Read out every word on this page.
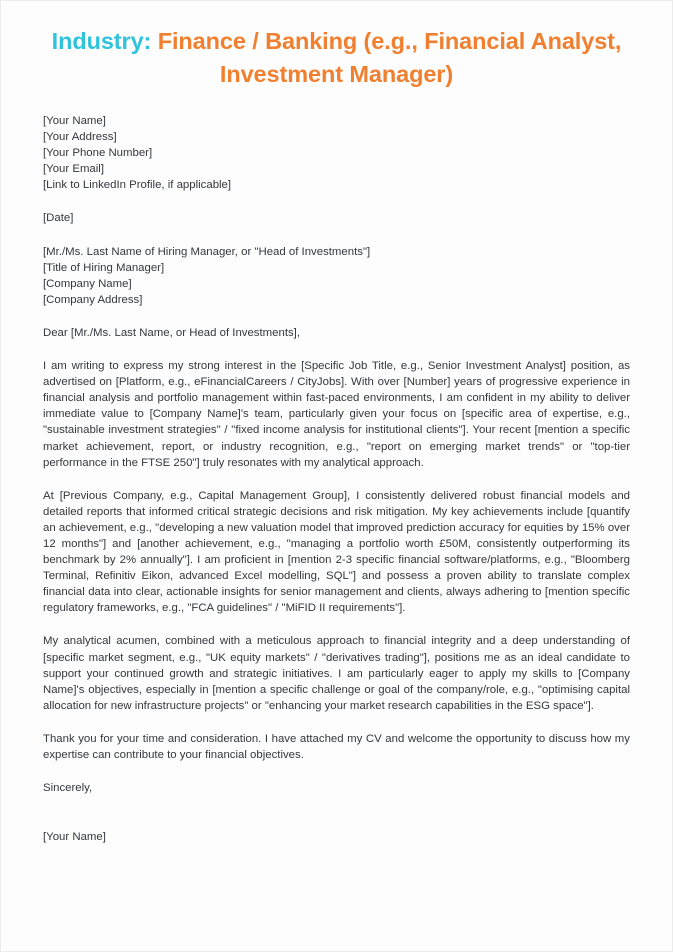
Industry: Finance / Banking (e.g., Financial Analyst, Investment Manager)
[Your Name]
[Your Address]
[Your Phone Number]
[Your Email]
[Link to LinkedIn Profile, if applicable]
[Date]
[Mr./Ms. Last Name of Hiring Manager, or "Head of Investments"]
[Title of Hiring Manager]
[Company Name]
[Company Address]

Dear [Mr./Ms. Last Name, or Head of Investments],

I am writing to express my strong interest in the [Specific Job Title, e.g., Senior Investment Analyst] position, as advertised on [Platform, e.g., eFinancialCareers / CityJobs]. With over [Number] years of progressive experience in financial analysis and portfolio management within fast-paced environments, I am confident in my ability to deliver immediate value to [Company Name]'s team, particularly given your focus on [specific area of expertise, e.g., "sustainable investment strategies" / "fixed income analysis for institutional clients"]. Your recent [mention a specific market achievement, report, or industry recognition, e.g., "report on emerging market trends" or "top-tier performance in the FTSE 250"] truly resonates with my analytical approach.

At [Previous Company, e.g., Capital Management Group], I consistently delivered robust financial models and detailed reports that informed critical strategic decisions and risk mitigation. My key achievements include [quantify an achievement, e.g., "developing a new valuation model that improved prediction accuracy for equities by 15% over 12 months"] and [another achievement, e.g., "managing a portfolio worth £50M, consistently outperforming its benchmark by 2% annually"]. I am proficient in [mention 2-3 specific financial software/platforms, e.g., "Bloomberg Terminal, Refinitiv Eikon, advanced Excel modelling, SQL"] and possess a proven ability to translate complex financial data into clear, actionable insights for senior management and clients, always adhering to [mention specific regulatory frameworks, e.g., "FCA guidelines" / "MiFID II requirements"].

My analytical acumen, combined with a meticulous approach to financial integrity and a deep understanding of [specific market segment, e.g., "UK equity markets" / "derivatives trading"], positions me as an ideal candidate to support your continued growth and strategic initiatives. I am particularly eager to apply my skills to [Company Name]'s objectives, especially in [mention a specific challenge or goal of the company/role, e.g., "optimising capital allocation for new infrastructure projects" or "enhancing your market research capabilities in the ESG space"].

Thank you for your time and consideration. I have attached my CV and welcome the opportunity to discuss how my expertise can contribute to your financial objectives.

Sincerely,

[Your Name]
